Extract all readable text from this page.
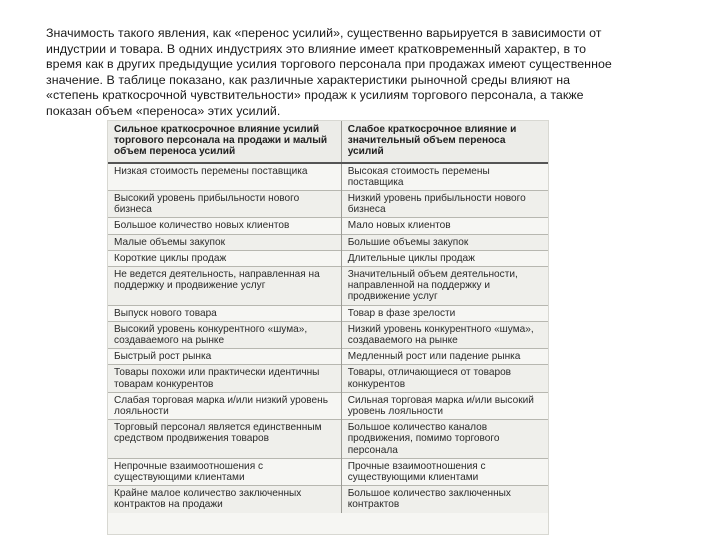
Значимость такого явления, как «перенос усилий», существенно варьируется в зависимости от
индустрии и товара. В одних индустриях это влияние имеет кратковременный характер, в то
время как в других предыдущие усилия торгового персонала при продажах имеют существенное
значение. В таблице показано, как различные характеристики рыночной среды влияют на
«степень краткосрочной чувствительности» продаж к усилиям торгового персонала, а также
показан объем «переноса» этих усилий.
Сильное краткосрочное влияние усилий торгового персонала на продажи и малый объем переноса усилий	Слабое краткосрочное влияние и значительный объем переноса усилий
Низкая стоимость перемены поставщика	Высокая стоимость перемены поставщика
Высокий уровень прибыльности нового бизнеса	Низкий уровень прибыльности нового бизнеса
Большое количество новых клиентов	Мало новых клиентов
Малые объемы закупок	Большие объемы закупок
Короткие циклы продаж	Длительные циклы продаж
Не ведется деятельность, направленная на поддержку и продвижение услуг	Значительный объем деятельности, направленной на поддержку и продвижение услуг
Выпуск нового товара	Товар в фазе зрелости
Высокий уровень конкурентного «шума», создаваемого на рынке	Низкий уровень конкурентного «шума», создаваемого на рынке
Быстрый рост рынка	Медленный рост или падение рынка
Товары похожи или практически идентичны товарам конкурентов	Товары, отличающиеся от товаров конкурентов
Слабая торговая марка и/или низкий уровень лояльности	Сильная торговая марка и/или высокий уровень лояльности
Торговый персонал является единственным средством продвижения товаров	Большое количество каналов продвижения, помимо торгового персонала
Непрочные взаимоотношения с существующими клиентами	Прочные взаимоотношения с существующими клиентами
Крайне малое количество заключенных контрактов на продажи	Большое количество заключенных контрактов
